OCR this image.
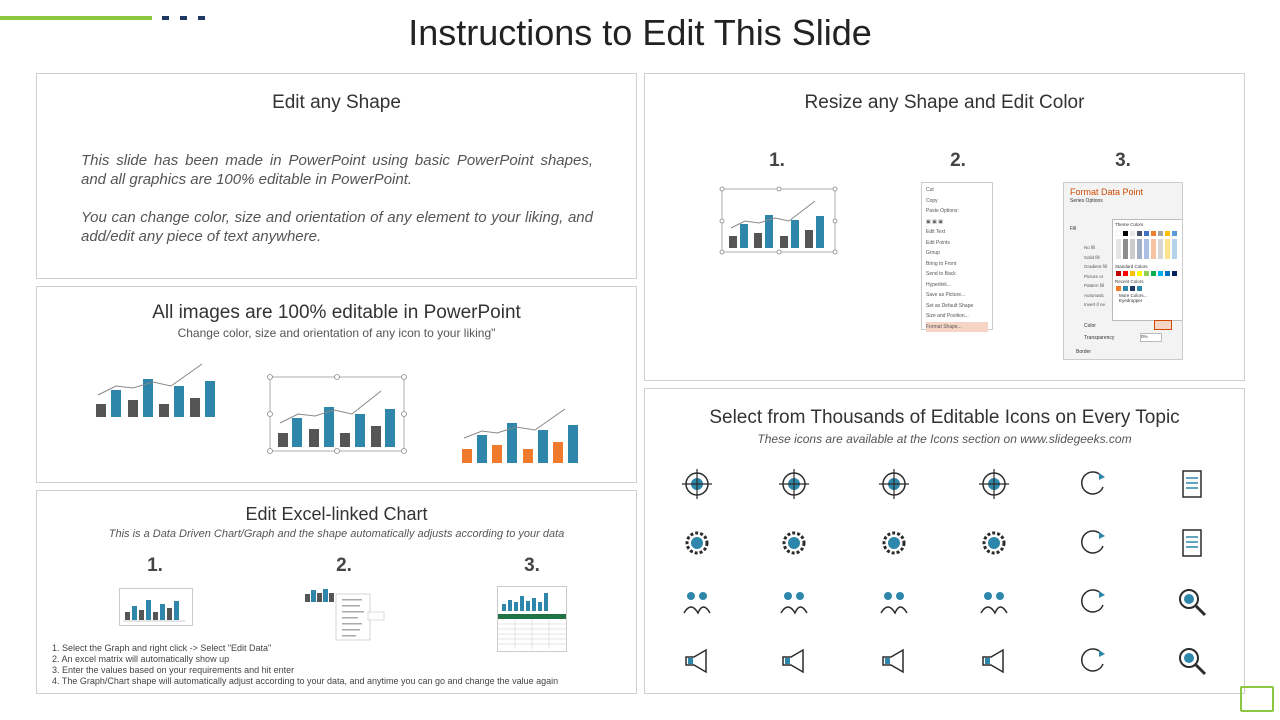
Instructions to Edit This Slide
Edit any Shape
This slide has been made in PowerPoint using basic PowerPoint shapes, and all graphics are 100% editable in PowerPoint.
You can change color, size and orientation of any element to your liking, and add/edit any piece of text anywhere.
All images are 100% editable in PowerPoint
Change color, size and orientation of any icon to your liking"
Edit Excel-linked Chart
This is a Data Driven Chart/Graph and the shape automatically adjusts according to your data
1.	2.	3.
1. Select the Graph and right click -> Select "Edit Data"
2. An excel matrix will automatically show up
3. Enter the values based on your requirements and hit enter
4. The Graph/Chart shape will automatically adjust according to your data, and anytime you can go and change the value again
Resize any Shape and Edit Color
1.	2.	3.
Cut
Copy
Paste Options:
▣ ▣ ▣
Edit Text
Edit Points
Group
Bring to Front
Send to Back
Hyperlink...
Save as Picture...
Set as Default Shape
Size and Position...
Format Shape...
Format Data Point
Series Options
Fill
No fill
Solid fill
Gradient fill
Picture or
Pattern fill
Automatic
Invert if ne
Theme Colors
Standard Colors
Recent Colors
More Colors...
Eyedropper
Color
Transparency	0%
Border
Select from Thousands of Editable Icons on Every Topic
These icons are available at the Icons section on www.slidegeeks.com
